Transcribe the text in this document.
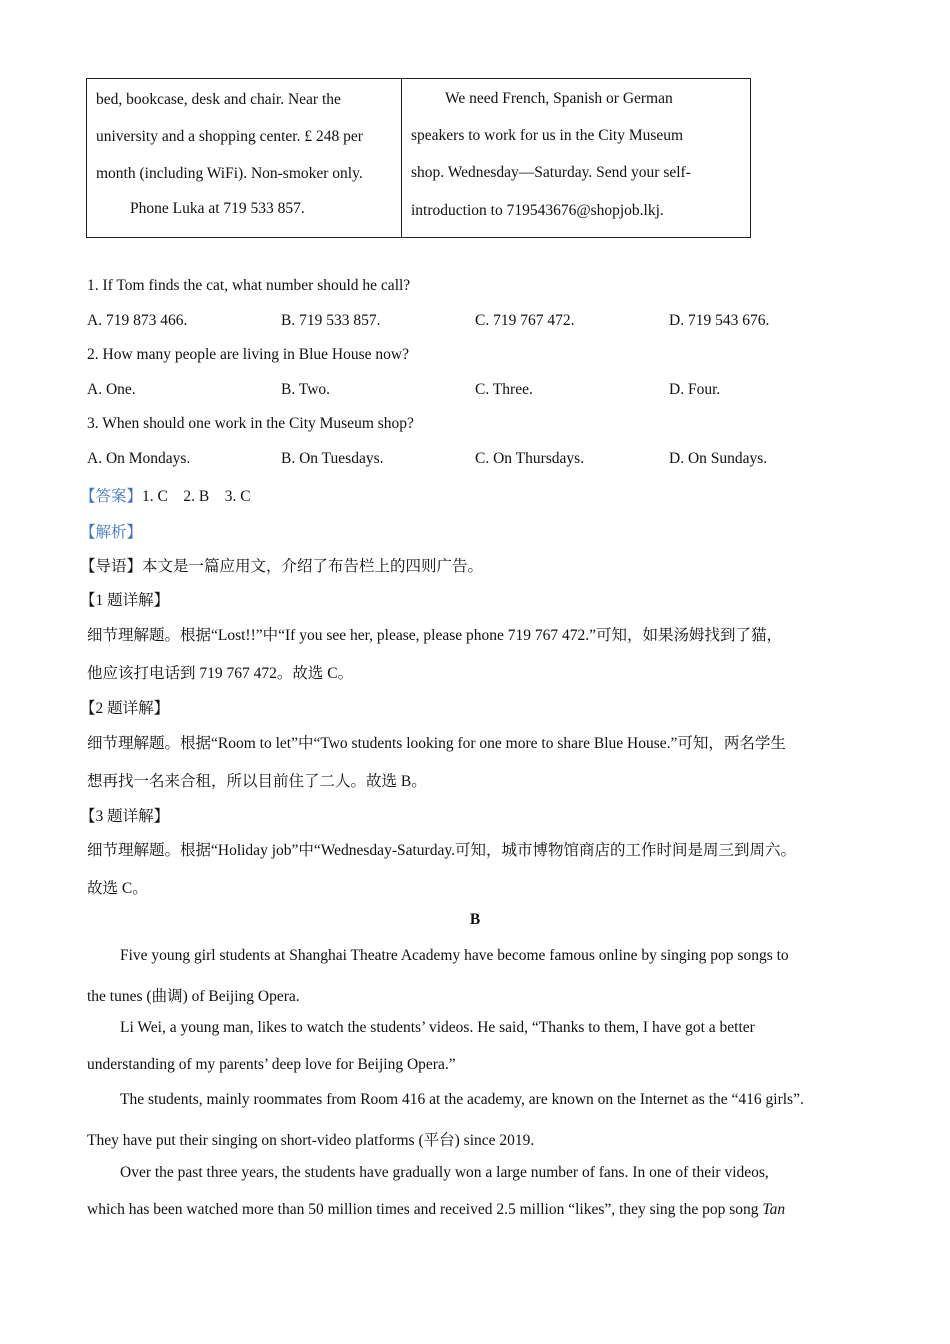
bed, bookcase, desk and chair. Near the
university and a shopping center. £ 248 per
month (including WiFi). Non-smoker only.
Phone Luka at 719 533 857.
We need French, Spanish or German
speakers to work for us in the City Museum
shop. Wednesday—Saturday. Send your self-
introduction to 719543676@shopjob.lkj.
1. If Tom finds the cat, what number should he call?
A. 719 873 466.	B. 719 533 857.	C. 719 767 472.	D. 719 543 676.
2. How many people are living in Blue House now?
A. One.	B. Two.	C. Three.	D. Four.
3. When should one work in the City Museum shop?
A. On Mondays.	B. On Tuesdays.	C. On Thursdays.	D. On Sundays.
【答案】1. C    2. B    3. C
【解析】
【导语】本文是一篇应用文，介绍了布告栏上的四则广告。
【1 题详解】
细节理解题。根据“Lost!!”中“If you see her, please, please phone 719 767 472.”可知，如果汤姆找到了猫，
他应该打电话到 719 767 472。故选 C。
【2 题详解】
细节理解题。根据“Room to let”中“Two students looking for one more to share Blue House.”可知，两名学生
想再找一名来合租，所以目前住了二人。故选 B。
【3 题详解】
细节理解题。根据“Holiday job”中“Wednesday-Saturday.可知，城市博物馆商店的工作时间是周三到周六。
故选 C。
B
Five young girl students at Shanghai Theatre Academy have become famous online by singing pop songs to
the tunes (曲调) of Beijing Opera.
Li Wei, a young man, likes to watch the students’ videos. He said, “Thanks to them, I have got a better
understanding of my parents’ deep love for Beijing Opera.”
The students, mainly roommates from Room 416 at the academy, are known on the Internet as the “416 girls”.
They have put their singing on short-video platforms (平台) since 2019.
Over the past three years, the students have gradually won a large number of fans. In one of their videos,
which has been watched more than 50 million times and received 2.5 million “likes”, they sing the pop song Tan
